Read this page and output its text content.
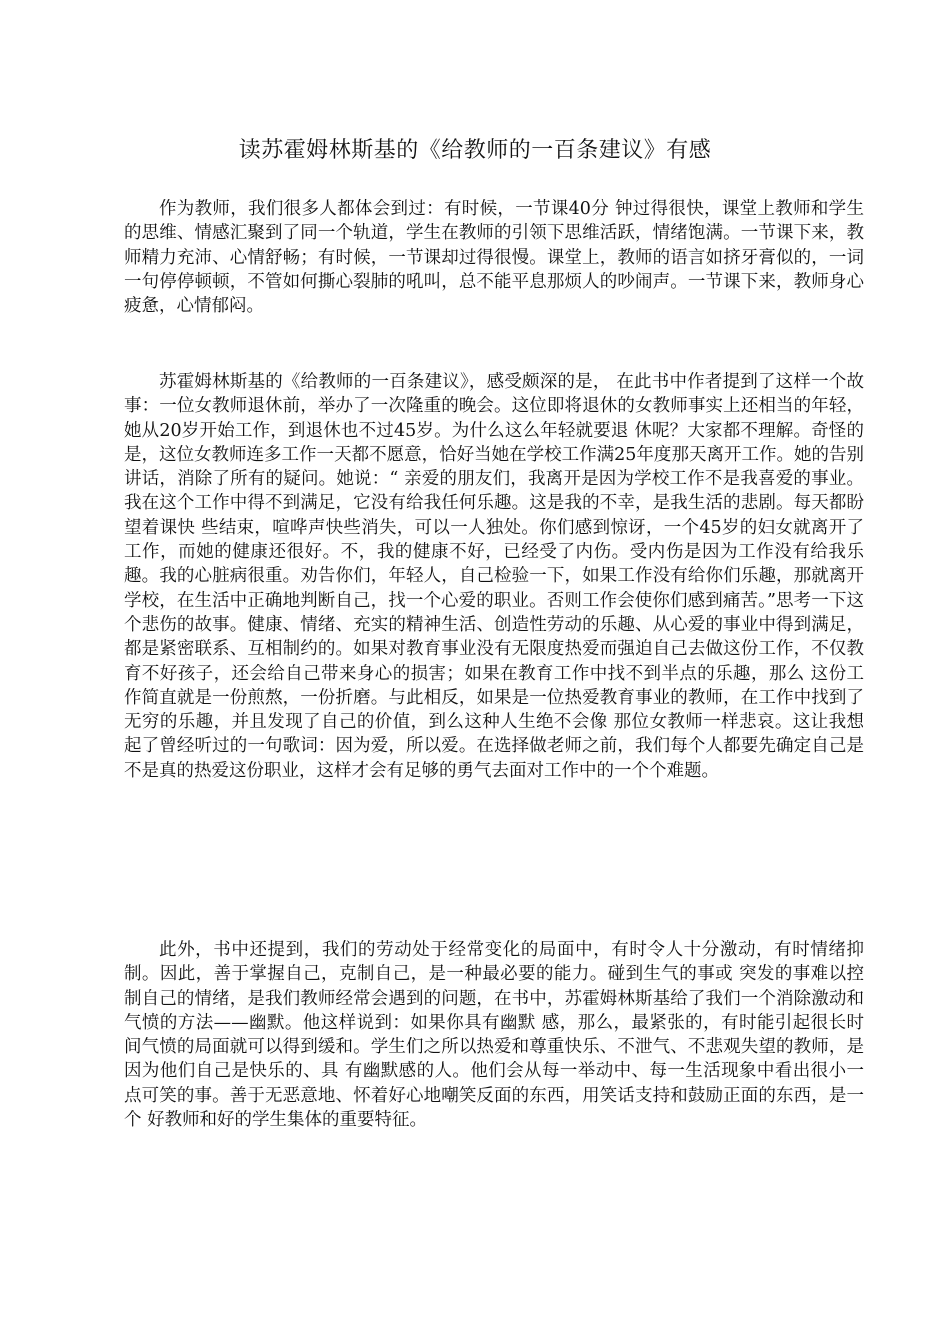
读苏霍姆林斯基的《给教师的一百条建议》有感

作为教师，我们很多人都体会到过：有时候，一节课40分 钟过得很快，课堂上教师和学生的思维、情感汇聚到了同一个轨道，学生在教师的引领下思维活跃，情绪饱满。一节课下来，教师精力充沛、心情舒畅；有时候，一节课却过得很慢。课堂上，教师的语言如挤牙膏似的，一词一句停停顿顿，不管如何撕心裂肺的吼叫，总不能平息那烦人的吵闹声。一节课下来，教师身心疲惫，心情郁闷。

苏霍姆林斯基的《给教师的一百条建议》，感受颇深的是， 在此书中作者提到了这样一个故事：一位女教师退休前，举办了一次隆重的晚会。这位即将退休的女教师事实上还相当的年轻，她从20岁开始工作，到退休也不过45岁。为什么这么年轻就要退 休呢？大家都不理解。奇怪的是，这位女教师连多工作一天都不愿意，恰好当她在学校工作满25年度那天离开工作。她的告别讲话，消除了所有的疑问。她说：“ 亲爱的朋友们，我离开是因为学校工作不是我喜爱的事业。我在这个工作中得不到满足，它没有给我任何乐趣。这是我的不幸，是我生活的悲剧。每天都盼望着课快 些结束，喧哗声快些消失，可以一人独处。你们感到惊讶，一个45岁的妇女就离开了工作，而她的健康还很好。不，我的健康不好，已经受了内伤。受内伤是因为工作没有给我乐趣。我的心脏病很重。劝告你们，年轻人，自己检验一下，如果工作没有给你们乐趣，那就离开学校，在生活中正确地判断自己，找一个心爱的职业。否则工作会使你们感到痛苦。”思考一下这个悲伤的故事。健康、情绪、充实的精神生活、创造性劳动的乐趣、从心爱的事业中得到满足，都是紧密联系、互相制约的。如果对教育事业没有无限度热爱而强迫自己去做这份工作，不仅教育不好孩子，还会给自己带来身心的损害；如果在教育工作中找不到半点的乐趣，那么 这份工作简直就是一份煎熬，一份折磨。与此相反，如果是一位热爱教育事业的教师，在工作中找到了无穷的乐趣，并且发现了自己的价值，到么这种人生绝不会像 那位女教师一样悲哀。这让我想起了曾经听过的一句歌词：因为爱，所以爱。在选择做老师之前，我们每个人都要先确定自己是不是真的热爱这份职业，这样才会有足够的勇气去面对工作中的一个个难题。

此外，书中还提到，我们的劳动处于经常变化的局面中，有时令人十分激动，有时情绪抑制。因此，善于掌握自己，克制自己，是一种最必要的能力。碰到生气的事或 突发的事难以控制自己的情绪，是我们教师经常会遇到的问题，在书中，苏霍姆林斯基给了我们一个消除激动和气愤的方法——幽默。他这样说到：如果你具有幽默 感，那么，最紧张的，有时能引起很长时间气愤的局面就可以得到缓和。学生们之所以热爱和尊重快乐、不泄气、不悲观失望的教师，是因为他们自己是快乐的、具 有幽默感的人。他们会从每一举动中、每一生活现象中看出很小一点可笑的事。善于无恶意地、怀着好心地嘲笑反面的东西，用笑话支持和鼓励正面的东西，是一个 好教师和好的学生集体的重要特征。
